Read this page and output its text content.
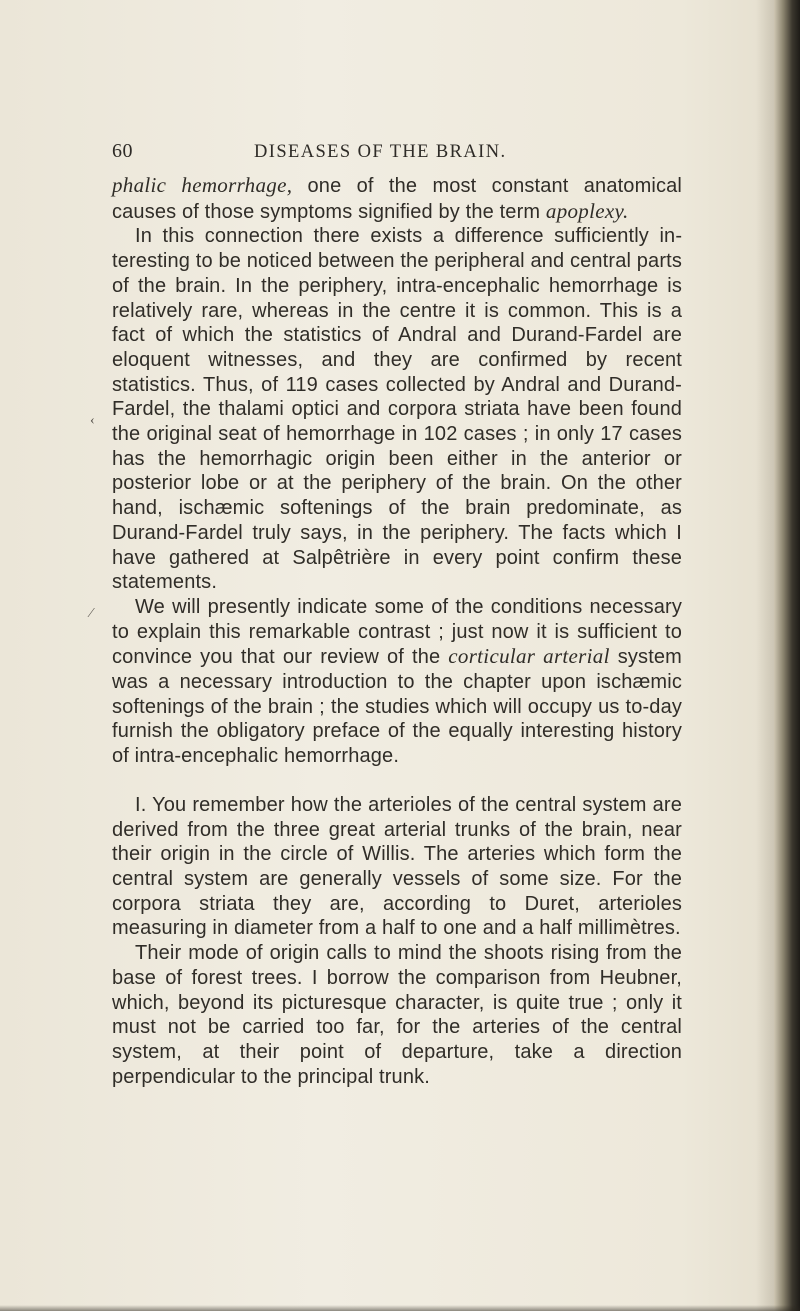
60	DISEASES OF THE BRAIN.
‹
⁄

phalic hemorrhage, one of the most constant anatomical causes of those symptoms signified by the term apoplexy.

In this connection there exists a difference sufficiently interesting to be noticed between the peripheral and central parts of the brain. In the periphery, intra-encephalic hemorrhage is relatively rare, whereas in the centre it is common. This is a fact of which the statistics of Andral and Durand-Fardel are eloquent witnesses, and they are confirmed by recent statistics. Thus, of 119 cases collected by Andral and Durand-Fardel, the thalami optici and corpora striata have been found the original seat of hemorrhage in 102 cases ; in only 17 cases has the hemorrhagic origin been either in the anterior or posterior lobe or at the periphery of the brain. On the other hand, ischæmic softenings of the brain predominate, as Durand-Fardel truly says, in the periphery. The facts which I have gathered at Salpêtrière in every point confirm these statements.

We will presently indicate some of the conditions necessary to explain this remarkable contrast ; just now it is sufficient to convince you that our review of the corticular arterial system was a necessary introduction to the chapter upon ischæmic softenings of the brain ; the studies which will occupy us to-day furnish the obligatory preface of the equally interesting history of intra-encephalic hemorrhage.

I. You remember how the arterioles of the central system are derived from the three great arterial trunks of the brain, near their origin in the circle of Willis. The arteries which form the central system are generally vessels of some size. For the corpora striata they are, according to Duret, arterioles measuring in diameter from a half to one and a half millimètres.

Their mode of origin calls to mind the shoots rising from the base of forest trees. I borrow the comparison from Heubner, which, beyond its picturesque character, is quite true ; only it must not be carried too far, for the arteries of the central system, at their point of departure, take a direction perpendicular to the principal trunk.
